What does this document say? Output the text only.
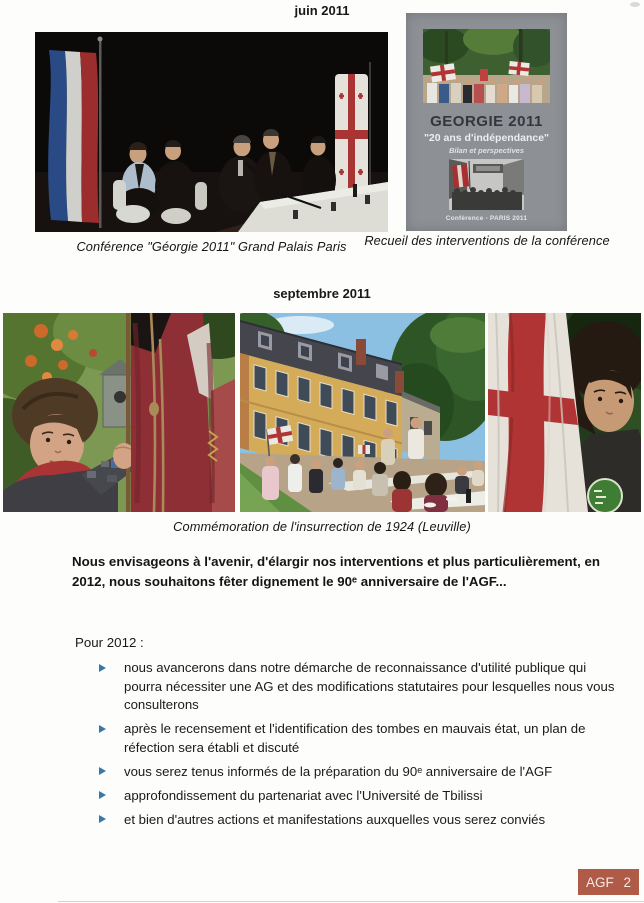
juin 2011
GEORGIE 2011
"20 ans d'indépendance"
Bilan et perspectives
Conférence - PARIS 2011
Conférence "Géorgie 2011" Grand Palais Paris	Recueil des interventions de la conférence
septembre 2011
Commémoration de l'insurrection de 1924 (Leuville)
Nous envisageons à l'avenir, d'élargir nos interventions et plus particulièrement, en 2012, nous souhaitons fêter dignement le 90ᵉ anniversaire de l'AGF...
Pour 2012 :
nous avancerons dans notre démarche de reconnaissance d'utilité publique qui pourra nécessiter une AG et des modifications statutaires pour lesquelles nous vous consulterons
après le recensement et l'identification des tombes en mauvais état, un plan de réfection sera établi et discuté
vous serez tenus informés de la préparation du 90ᵉ anniversaire de l'AGF
approfondissement du partenariat avec l'Université de Tbilissi
et bien d'autres actions et manifestations auxquelles vous serez conviés
AGF 2
